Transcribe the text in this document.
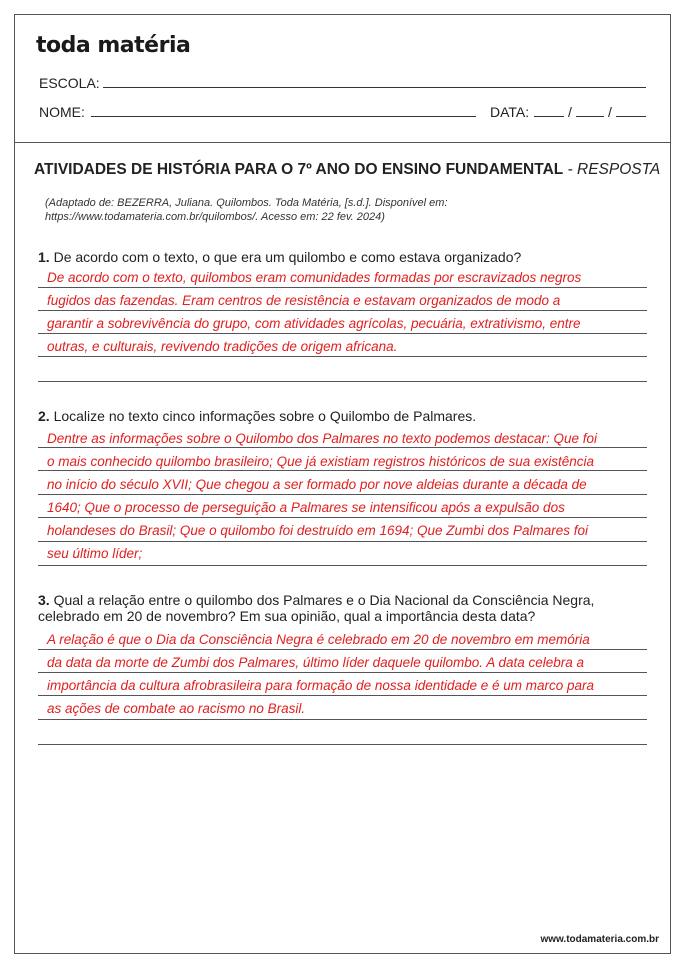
toda matéria
ESCOLA:
NOME:	DATA:	/	/
ATIVIDADES DE HISTÓRIA PARA O 7º ANO DO ENSINO FUNDAMENTAL - RESPOSTA
(Adaptado de: BEZERRA, Juliana. Quilombos. Toda Matéria, [s.d.]. Disponível em:
https://www.todamateria.com.br/quilombos/. Acesso em: 22 fev. 2024)
1. De acordo com o texto, o que era um quilombo e como estava organizado?
De acordo com o texto, quilombos eram comunidades formadas por escravizados negros
fugidos das fazendas. Eram centros de resistência e estavam organizados de modo a
garantir a sobrevivência do grupo, com atividades agrícolas, pecuária, extrativismo, entre
outras, e culturais, revivendo tradições de origem africana.
2. Localize no texto cinco informações sobre o Quilombo de Palmares.
Dentre as informações sobre o Quilombo dos Palmares no texto podemos destacar: Que foi
o mais conhecido quilombo brasileiro; Que já existiam registros históricos de sua existência
no início do século XVII; Que chegou a ser formado por nove aldeias durante a década de
1640; Que o processo de perseguição a Palmares se intensificou após a expulsão dos
holandeses do Brasil; Que o quilombo foi destruído em 1694; Que Zumbi dos Palmares foi
seu último líder;
3. Qual a relação entre o quilombo dos Palmares e o Dia Nacional da Consciência Negra,
celebrado em 20 de novembro? Em sua opinião, qual a importância desta data?
A relação é que o Dia da Consciência Negra é celebrado em 20 de novembro em memória
da data da morte de Zumbi dos Palmares, último líder daquele quilombo. A data celebra a
importância da cultura afrobrasileira para formação de nossa identidade e é um marco para
as ações de combate ao racismo no Brasil.
www.todamateria.com.br
